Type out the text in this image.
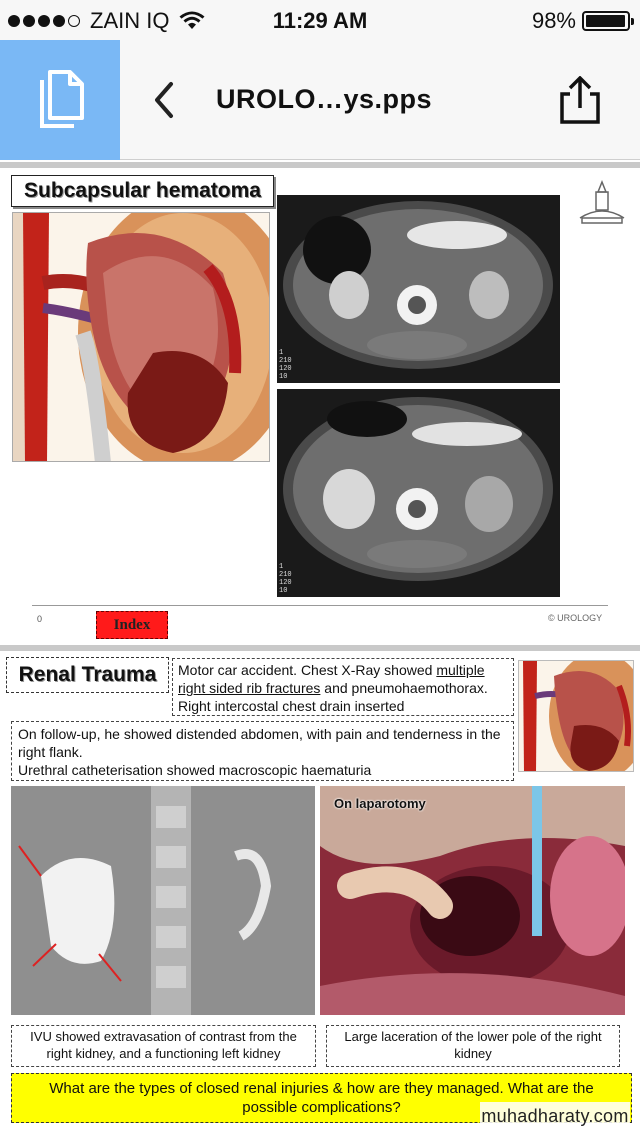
ZAIN IQ	11:29 AM	98%
UROLO…ys.pps
Subcapsular hematoma
1
210
120
10
1
210
120
10
0	Index	© UROLOGY
Renal Trauma	Motor car accident. Chest X-Ray showed multiple right sided rib fractures and pneumohaemothorax. Right intercostal chest drain inserted
On follow-up, he showed distended abdomen, with pain and tenderness in the right flank.
Urethral catheterisation showed macroscopic haematuria
On laparotomy
IVU showed extravasation of contrast from the right kidney, and a functioning left kidney
Large laceration of the lower pole of the right kidney
What are the types of closed renal injuries & how are they managed. What are the possible complications?	muhadharaty.com
